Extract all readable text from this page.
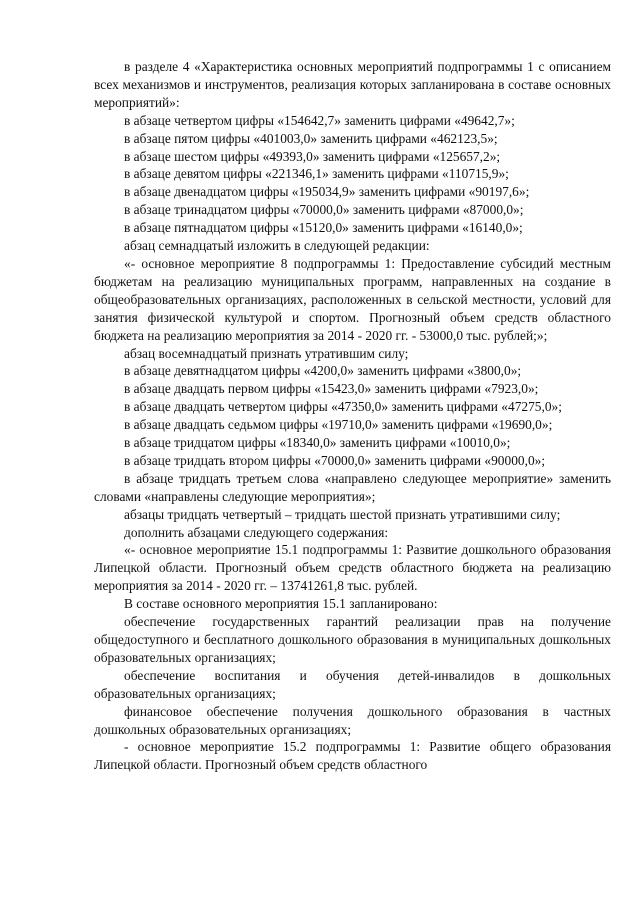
в разделе 4 «Характеристика основных мероприятий подпрограммы 1 с описанием всех механизмов и инструментов, реализация которых запланирована в составе основных мероприятий»:

в абзаце четвертом цифры «154642,7» заменить цифрами «49642,7»;

в абзаце пятом цифры «401003,0» заменить цифрами «462123,5»;

в абзаце шестом цифры «49393,0» заменить цифрами «125657,2»;

в абзаце девятом цифры «221346,1» заменить цифрами «110715,9»;

в абзаце двенадцатом цифры «195034,9» заменить цифрами «90197,6»;

в абзаце тринадцатом цифры «70000,0» заменить цифрами «87000,0»;

в абзаце пятнадцатом цифры «15120,0» заменить цифрами «16140,0»;

абзац семнадцатый изложить в следующей редакции:

«- основное мероприятие 8 подпрограммы 1: Предоставление субсидий местным бюджетам на реализацию муниципальных программ, направленных на создание в общеобразовательных организациях, расположенных в сельской местности, условий для занятия физической культурой и спортом. Прогнозный объем средств областного бюджета на реализацию мероприятия за 2014 - 2020 гг. - 53000,0 тыс. рублей;»;

абзац восемнадцатый признать утратившим силу;

в абзаце девятнадцатом цифры «4200,0» заменить цифрами «3800,0»;

в абзаце двадцать первом цифры «15423,0» заменить цифрами «7923,0»;

в абзаце двадцать четвертом цифры «47350,0» заменить цифрами «47275,0»;

в абзаце двадцать седьмом цифры «19710,0» заменить цифрами «19690,0»;

в абзаце тридцатом цифры «18340,0» заменить цифрами «10010,0»;

в абзаце тридцать втором цифры «70000,0» заменить цифрами «90000,0»;

в абзаце тридцать третьем слова «направлено следующее мероприятие» заменить словами «направлены следующие мероприятия»;

абзацы тридцать четвертый – тридцать шестой признать утратившими силу;

дополнить абзацами следующего содержания:

«- основное мероприятие 15.1 подпрограммы 1: Развитие дошкольного образования Липецкой области. Прогнозный объем средств областного бюджета на реализацию мероприятия за 2014 - 2020 гг. – 13741261,8 тыс. рублей.

В составе основного мероприятия 15.1 запланировано:

обеспечение государственных гарантий реализации прав на получение общедоступного и бесплатного дошкольного образования в муниципальных дошкольных образовательных организациях;

обеспечение воспитания и обучения детей-инвалидов в дошкольных образовательных организациях;

финансовое обеспечение получения дошкольного образования в частных дошкольных образовательных организациях;

- основное мероприятие 15.2 подпрограммы 1: Развитие общего образования Липецкой области. Прогнозный объем средств областного
